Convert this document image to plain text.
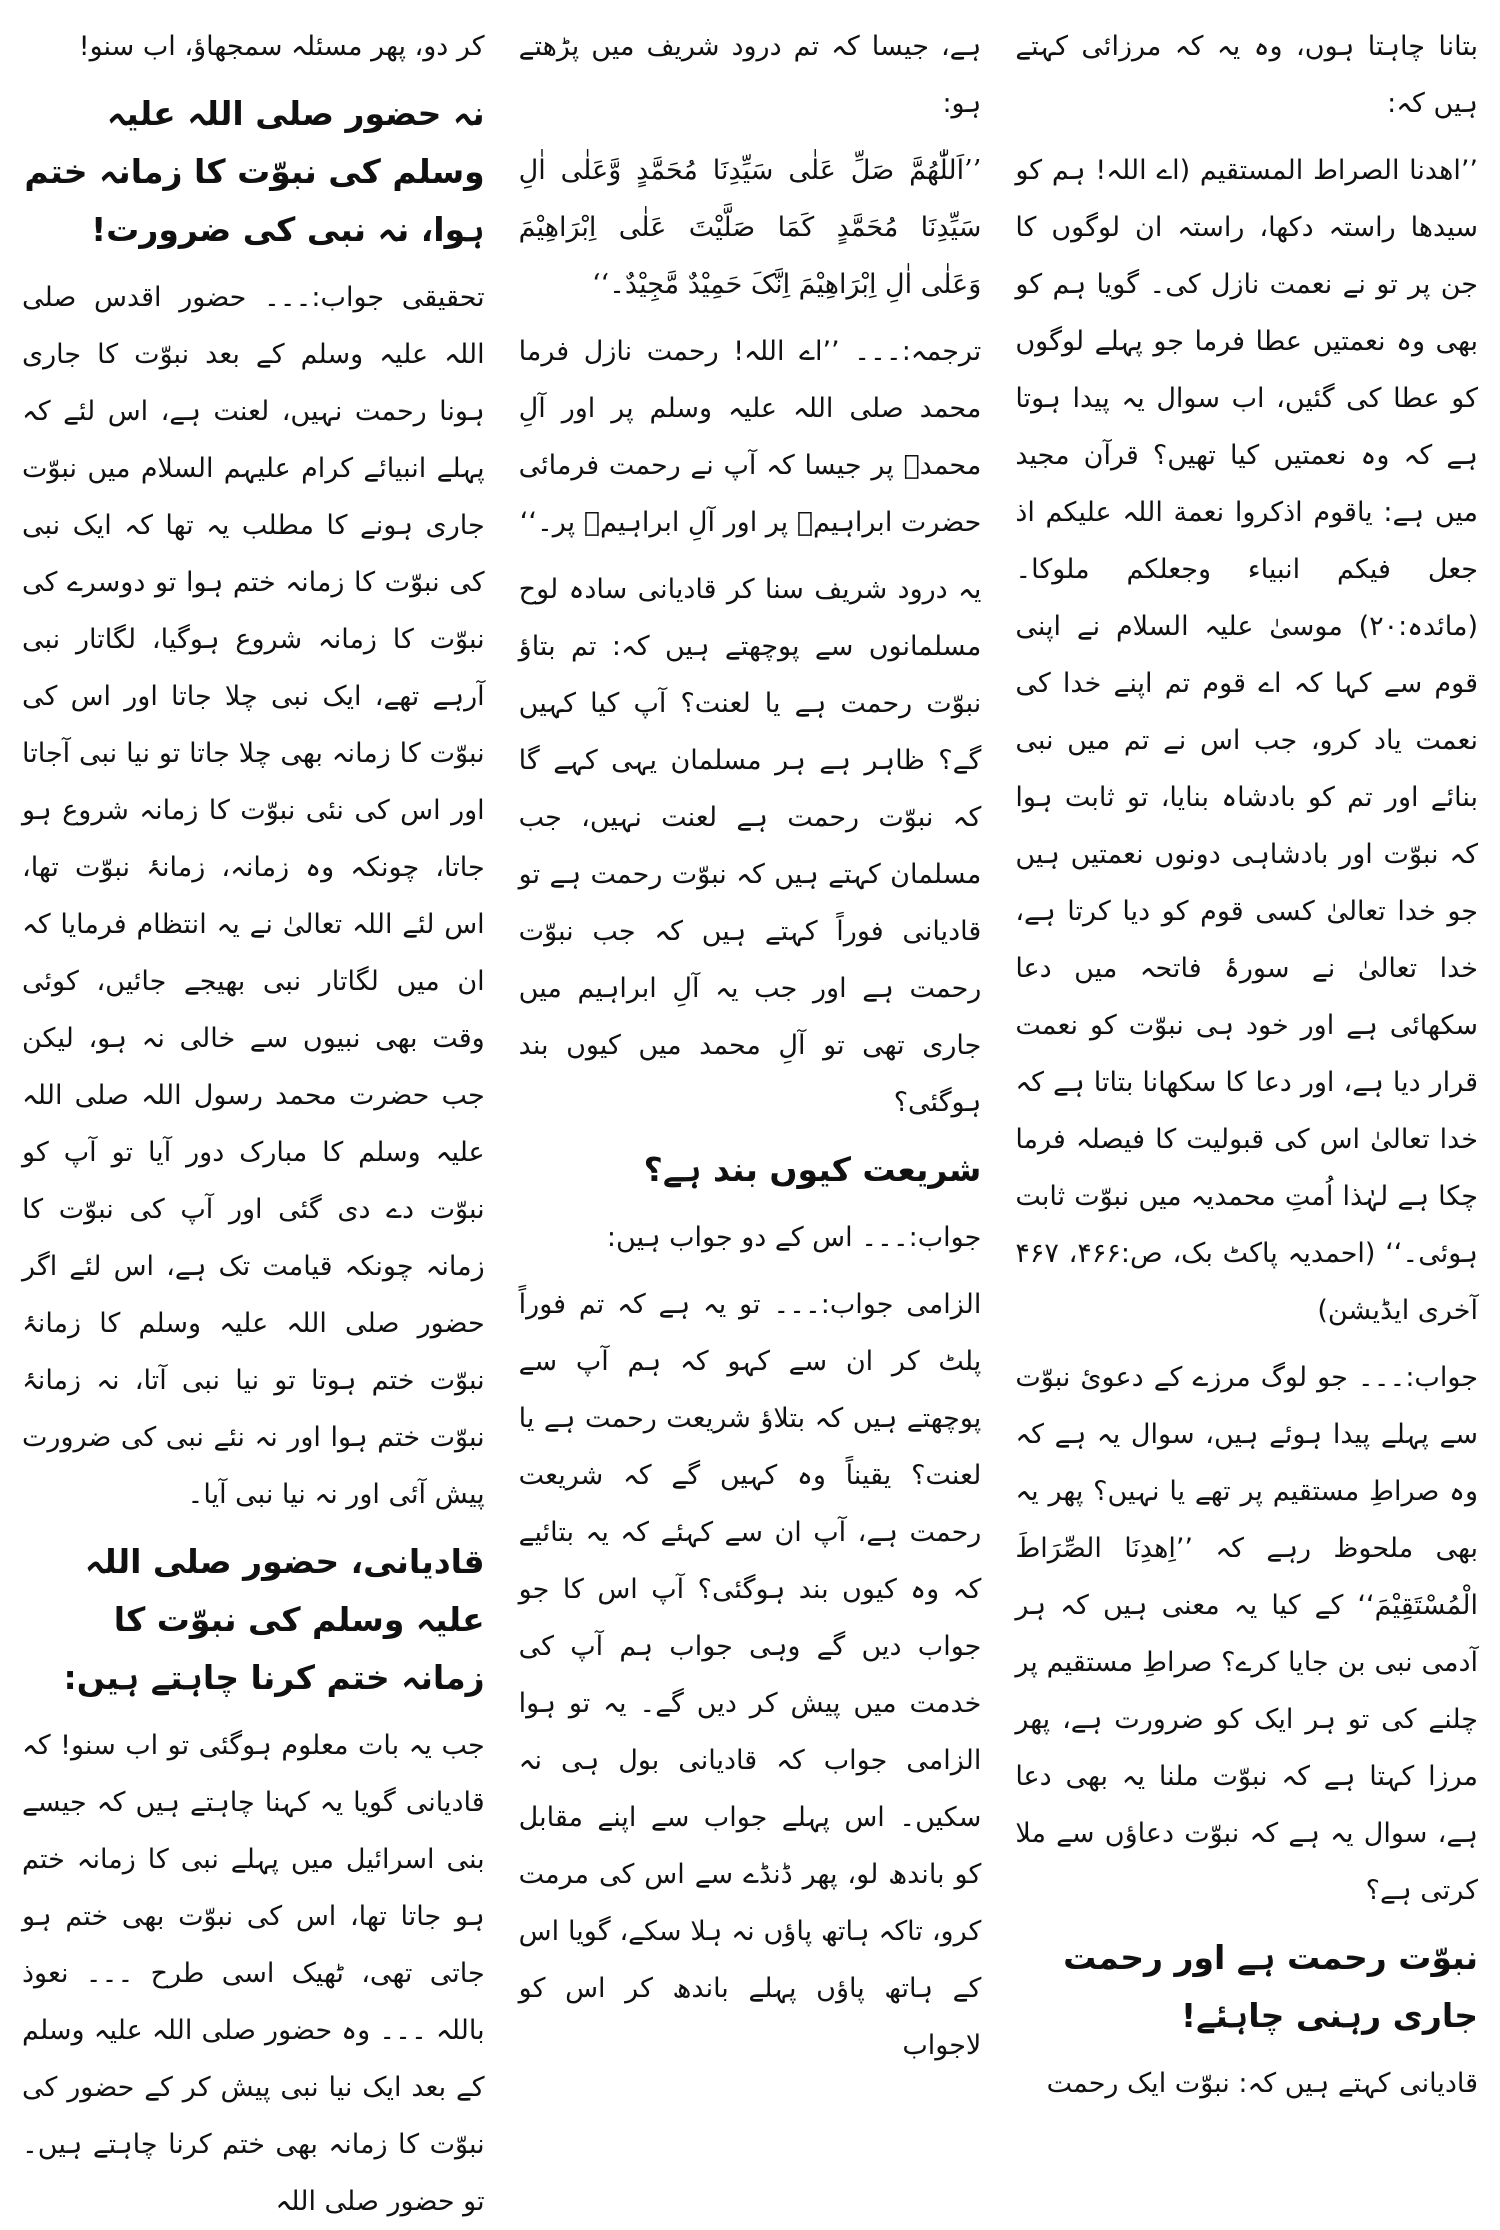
بتانا چاہتا ہوں، وہ یہ کہ مرزائی کہتے ہیں کہ:

’’اھدنا الصراط المستقیم (اے اللہ! ہم کو سیدھا راستہ دکھا، راستہ ان لوگوں کا جن پر تو نے نعمت نازل کی۔ گویا ہم کو بھی وہ نعمتیں عطا فرما جو پہلے لوگوں کو عطا کی گئیں، اب سوال یہ پیدا ہوتا ہے کہ وہ نعمتیں کیا تھیں؟ قرآن مجید میں ہے: یاقوم اذکروا نعمة اللہ علیکم اذ جعل فیکم انبیاء وجعلکم ملوکا۔ (مائدہ:۲۰) موسیٰ علیہ السلام نے اپنی قوم سے کہا کہ اے قوم تم اپنے خدا کی نعمت یاد کرو، جب اس نے تم میں نبی بنائے اور تم کو بادشاہ بنایا، تو ثابت ہوا کہ نبوّت اور بادشاہی دونوں نعمتیں ہیں جو خدا تعالیٰ کسی قوم کو دیا کرتا ہے، خدا تعالیٰ نے سورۂ فاتحہ میں دعا سکھائی ہے اور خود ہی نبوّت کو نعمت قرار دیا ہے، اور دعا کا سکھانا بتاتا ہے کہ خدا تعالیٰ اس کی قبولیت کا فیصلہ فرما چکا ہے لہٰذا اُمتِ محمدیہ میں نبوّت ثابت ہوئی۔‘‘ (احمدیہ پاکٹ بک، ص:۴۶۶، ۴۶۷ آخری ایڈیشن)

جواب:۔۔۔ جو لوگ مرزے کے دعویٔ نبوّت سے پہلے پیدا ہوئے ہیں، سوال یہ ہے کہ وہ صراطِ مستقیم پر تھے یا نہیں؟ پھر یہ بھی ملحوظ رہے کہ ’’اِھدِنَا الصِّرَاطَ الْمُسْتَقِیْمَ‘‘ کے کیا یہ معنی ہیں کہ ہر آدمی نبی بن جایا کرے؟ صراطِ مستقیم پر چلنے کی تو ہر ایک کو ضرورت ہے، پھر مرزا کہتا ہے کہ نبوّت ملنا یہ بھی دعا ہے، سوال یہ ہے کہ نبوّت دعاؤں سے ملا کرتی ہے؟

نبوّت رحمت ہے اور رحمت جاری رہنی چاہئے!

قادیانی کہتے ہیں کہ: نبوّت ایک رحمت

ہے، جیسا کہ تم درود شریف میں پڑھتے ہو:

’’اَللّٰھُمَّ صَلِّ عَلٰی سَیِّدِنَا مُحَمَّدٍ وَّعَلٰی اٰلِ سَیِّدِنَا مُحَمَّدٍ کَمَا صَلَّیْتَ عَلٰی اِبْرَاھِیْمَ وَعَلٰی اٰلِ اِبْرَاھِیْمَ اِنَّکَ حَمِیْدٌ مَّجِیْدٌ۔‘‘

ترجمہ:۔۔۔ ’’اے اللہ! رحمت نازل فرما محمد صلی اللہ علیہ وسلم پر اور آلِ محمدؐ پر جیسا کہ آپ نے رحمت فرمائی حضرت ابراہیمؑ پر اور آلِ ابراہیمؑ پر۔‘‘

یہ درود شریف سنا کر قادیانی سادہ لوح مسلمانوں سے پوچھتے ہیں کہ: تم بتاؤ نبوّت رحمت ہے یا لعنت؟ آپ کیا کہیں گے؟ ظاہر ہے ہر مسلمان یہی کہے گا کہ نبوّت رحمت ہے لعنت نہیں، جب مسلمان کہتے ہیں کہ نبوّت رحمت ہے تو قادیانی فوراً کہتے ہیں کہ جب نبوّت رحمت ہے اور جب یہ آلِ ابراہیم میں جاری تھی تو آلِ محمد میں کیوں بند ہوگئی؟

شریعت کیوں بند ہے؟

جواب:۔۔۔ اس کے دو جواب ہیں:

الزامی جواب:۔۔۔ تو یہ ہے کہ تم فوراً پلٹ کر ان سے کہو کہ ہم آپ سے پوچھتے ہیں کہ بتلاؤ شریعت رحمت ہے یا لعنت؟ یقیناً وہ کہیں گے کہ شریعت رحمت ہے، آپ ان سے کہئے کہ یہ بتائیے کہ وہ کیوں بند ہوگئی؟ آپ اس کا جو جواب دیں گے وہی جواب ہم آپ کی خدمت میں پیش کر دیں گے۔ یہ تو ہوا الزامی جواب کہ قادیانی بول ہی نہ سکیں۔ اس پہلے جواب سے اپنے مقابل کو باندھ لو، پھر ڈنڈے سے اس کی مرمت کرو، تاکہ ہاتھ پاؤں نہ ہلا سکے، گویا اس کے ہاتھ پاؤں پہلے باندھ کر اس کو لاجواب

کر دو، پھر مسئلہ سمجھاؤ، اب سنو!

نہ حضور صلی اللہ علیہ وسلم کی نبوّت کا زمانہ ختم ہوا، نہ نبی کی ضرورت!

تحقیقی جواب:۔۔۔ حضور اقدس صلی اللہ علیہ وسلم کے بعد نبوّت کا جاری ہونا رحمت نہیں، لعنت ہے، اس لئے کہ پہلے انبیائے کرام علیہم السلام میں نبوّت جاری ہونے کا مطلب یہ تھا کہ ایک نبی کی نبوّت کا زمانہ ختم ہوا تو دوسرے کی نبوّت کا زمانہ شروع ہوگیا، لگاتار نبی آرہے تھے، ایک نبی چلا جاتا اور اس کی نبوّت کا زمانہ بھی چلا جاتا تو نیا نبی آجاتا اور اس کی نئی نبوّت کا زمانہ شروع ہو جاتا، چونکہ وہ زمانہ، زمانۂ نبوّت تھا، اس لئے اللہ تعالیٰ نے یہ انتظام فرمایا کہ ان میں لگاتار نبی بھیجے جائیں، کوئی وقت بھی نبیوں سے خالی نہ ہو، لیکن جب حضرت محمد رسول اللہ صلی اللہ علیہ وسلم کا مبارک دور آیا تو آپ کو نبوّت دے دی گئی اور آپ کی نبوّت کا زمانہ چونکہ قیامت تک ہے، اس لئے اگر حضور صلی اللہ علیہ وسلم کا زمانۂ نبوّت ختم ہوتا تو نیا نبی آتا، نہ زمانۂ نبوّت ختم ہوا اور نہ نئے نبی کی ضرورت پیش آئی اور نہ نیا نبی آیا۔

قادیانی، حضور صلی اللہ علیہ وسلم کی نبوّت کا زمانہ ختم کرنا چاہتے ہیں:

جب یہ بات معلوم ہوگئی تو اب سنو! کہ قادیانی گویا یہ کہنا چاہتے ہیں کہ جیسے بنی اسرائیل میں پہلے نبی کا زمانہ ختم ہو جاتا تھا، اس کی نبوّت بھی ختم ہو جاتی تھی، ٹھیک اسی طرح ۔۔۔ نعوذ باللہ ۔۔۔ وہ حضور صلی اللہ علیہ وسلم کے بعد ایک نیا نبی پیش کر کے حضور کی نبوّت کا زمانہ بھی ختم کرنا چاہتے ہیں۔ تو حضور صلی اللہ
